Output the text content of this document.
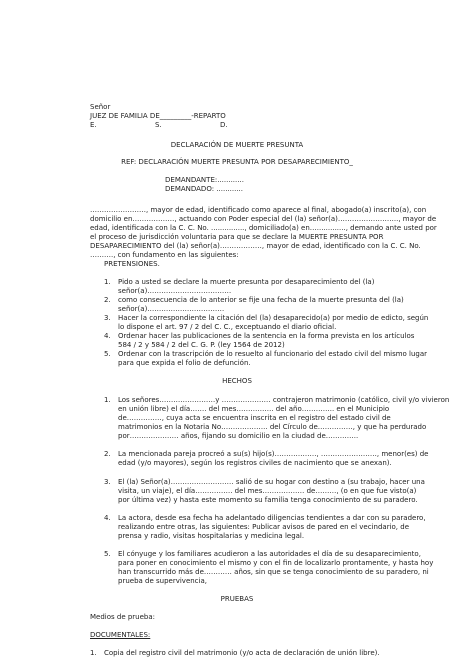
Señor
JUEZ DE FAMILIA DE_________-REPARTO
E.	S.	D.
DECLARACIÓN DE MUERTE PRESUNTA
REF: DECLARACIÓN MUERTE PRESUNTA POR DESAPARECIMIENTO_
DEMANDANTE:............
DEMANDADO: ............
……………………, mayor de edad, identificado como aparece al final, abogado(a) inscrito(a), con
domicilio en………………, actuando con Poder especial del (la) señor(a)…………………….., mayor de
edad, identificada con la C. C. No. ..............., domiciliado(a) en…............., demando ante usted por
el proceso de jurisdicción voluntaria para que se declare la MUERTE PRESUNTA POR
DESAPARECIMIENTO del (la) señor(a)………………, mayor de edad, identificado con la C. C. No.
………., con fundamento en las siguientes:
PRETENSIONES.
1. Pido a usted se declare la muerte presunta por desaparecimiento del (la)
señor(a)………………………………
2. como consecuencia de lo anterior se fije una fecha de la muerte presunta del (la)
señor(a)……………………………
3. Hacer la correspondiente la citación del (la) desaparecido(a) por medio de edicto, según
lo dispone el art. 97 / 2 del C. C., exceptuando el diario oficial.
4. Ordenar hacer las publicaciones de la sentencia en la forma prevista en los artículos
584 / 2 y 584 / 2 del C. G. P. (ley 1564 de 2012)
5. Ordenar con la trascripción de lo resuelto al funcionario del estado civil del mismo lugar
para que expida el folio de defunción.
HECHOS
1. Los señores……………………y ………………… contrajeron matrimonio (católico, civil y/o vivieron
en unión libre) el día……. del mes……………. del año………….. en el Municipio
de……………, cuya acta se encuentra inscrita en el registro del estado civil de
matrimonios en la Notaria No……………….. del Círculo de……………, y que ha perdurado
por………………… años, fijando su domicilio en la ciudad de…………..
2. La mencionada pareja procreó a su(s) hijo(s)………………, ……………………, menor(es) de
edad (y/o mayores), según los registros civiles de nacimiento que se anexan).
3. El (la) Señor(a)……………………… salió de su hogar con destino a (su trabajo, hacer una
visita, un viaje), el día……………. del mes……………… de………, (o en que fue visto(a)
por última vez) y hasta este momento su familia tenga conocimiento de su paradero.
4. La actora, desde esa fecha ha adelantado diligencias tendientes a dar con su paradero,
realizando entre otras, las siguientes: Publicar avisos de pared en el vecindario, de
prensa y radio, visitas hospitalarias y medicina legal.
5. El cónyuge y los familiares acudieron a las autoridades el día de su desaparecimiento,
para poner en conocimiento el mismo y con el fin de localizarlo prontamente, y hasta hoy
han transcurrido más de………… años, sin que se tenga conocimiento de su paradero, ni
prueba de supervivencia,
PRUEBAS
Medios de prueba:
DOCUMENTALES:
1. Copia del registro civil del matrimonio (y/o acta de declaración de unión libre).
